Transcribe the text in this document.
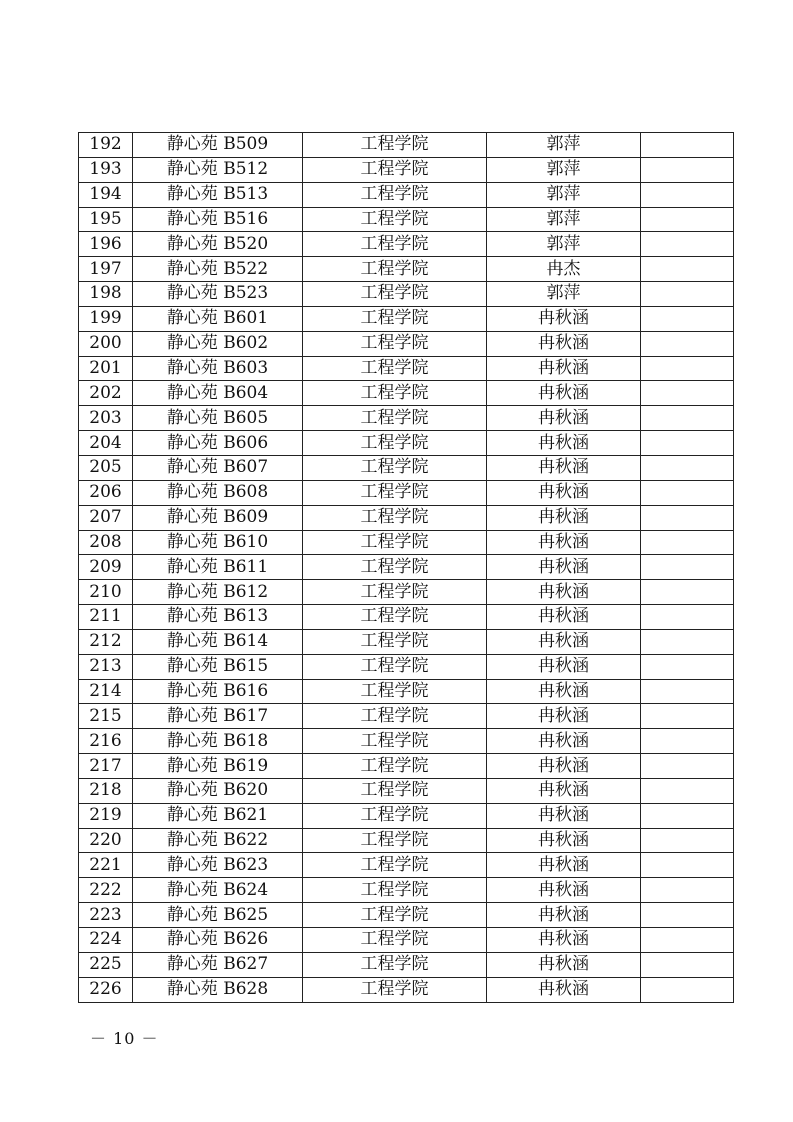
192	静心苑 B509	工程学院	郭萍	
193	静心苑 B512	工程学院	郭萍	
194	静心苑 B513	工程学院	郭萍	
195	静心苑 B516	工程学院	郭萍	
196	静心苑 B520	工程学院	郭萍	
197	静心苑 B522	工程学院	冉杰	
198	静心苑 B523	工程学院	郭萍	
199	静心苑 B601	工程学院	冉秋涵	
200	静心苑 B602	工程学院	冉秋涵	
201	静心苑 B603	工程学院	冉秋涵	
202	静心苑 B604	工程学院	冉秋涵	
203	静心苑 B605	工程学院	冉秋涵	
204	静心苑 B606	工程学院	冉秋涵	
205	静心苑 B607	工程学院	冉秋涵	
206	静心苑 B608	工程学院	冉秋涵	
207	静心苑 B609	工程学院	冉秋涵	
208	静心苑 B610	工程学院	冉秋涵	
209	静心苑 B611	工程学院	冉秋涵	
210	静心苑 B612	工程学院	冉秋涵	
211	静心苑 B613	工程学院	冉秋涵	
212	静心苑 B614	工程学院	冉秋涵	
213	静心苑 B615	工程学院	冉秋涵	
214	静心苑 B616	工程学院	冉秋涵	
215	静心苑 B617	工程学院	冉秋涵	
216	静心苑 B618	工程学院	冉秋涵	
217	静心苑 B619	工程学院	冉秋涵	
218	静心苑 B620	工程学院	冉秋涵	
219	静心苑 B621	工程学院	冉秋涵	
220	静心苑 B622	工程学院	冉秋涵	
221	静心苑 B623	工程学院	冉秋涵	
222	静心苑 B624	工程学院	冉秋涵	
223	静心苑 B625	工程学院	冉秋涵	
224	静心苑 B626	工程学院	冉秋涵	
225	静心苑 B627	工程学院	冉秋涵	
226	静心苑 B628	工程学院	冉秋涵	
－ 10 －
